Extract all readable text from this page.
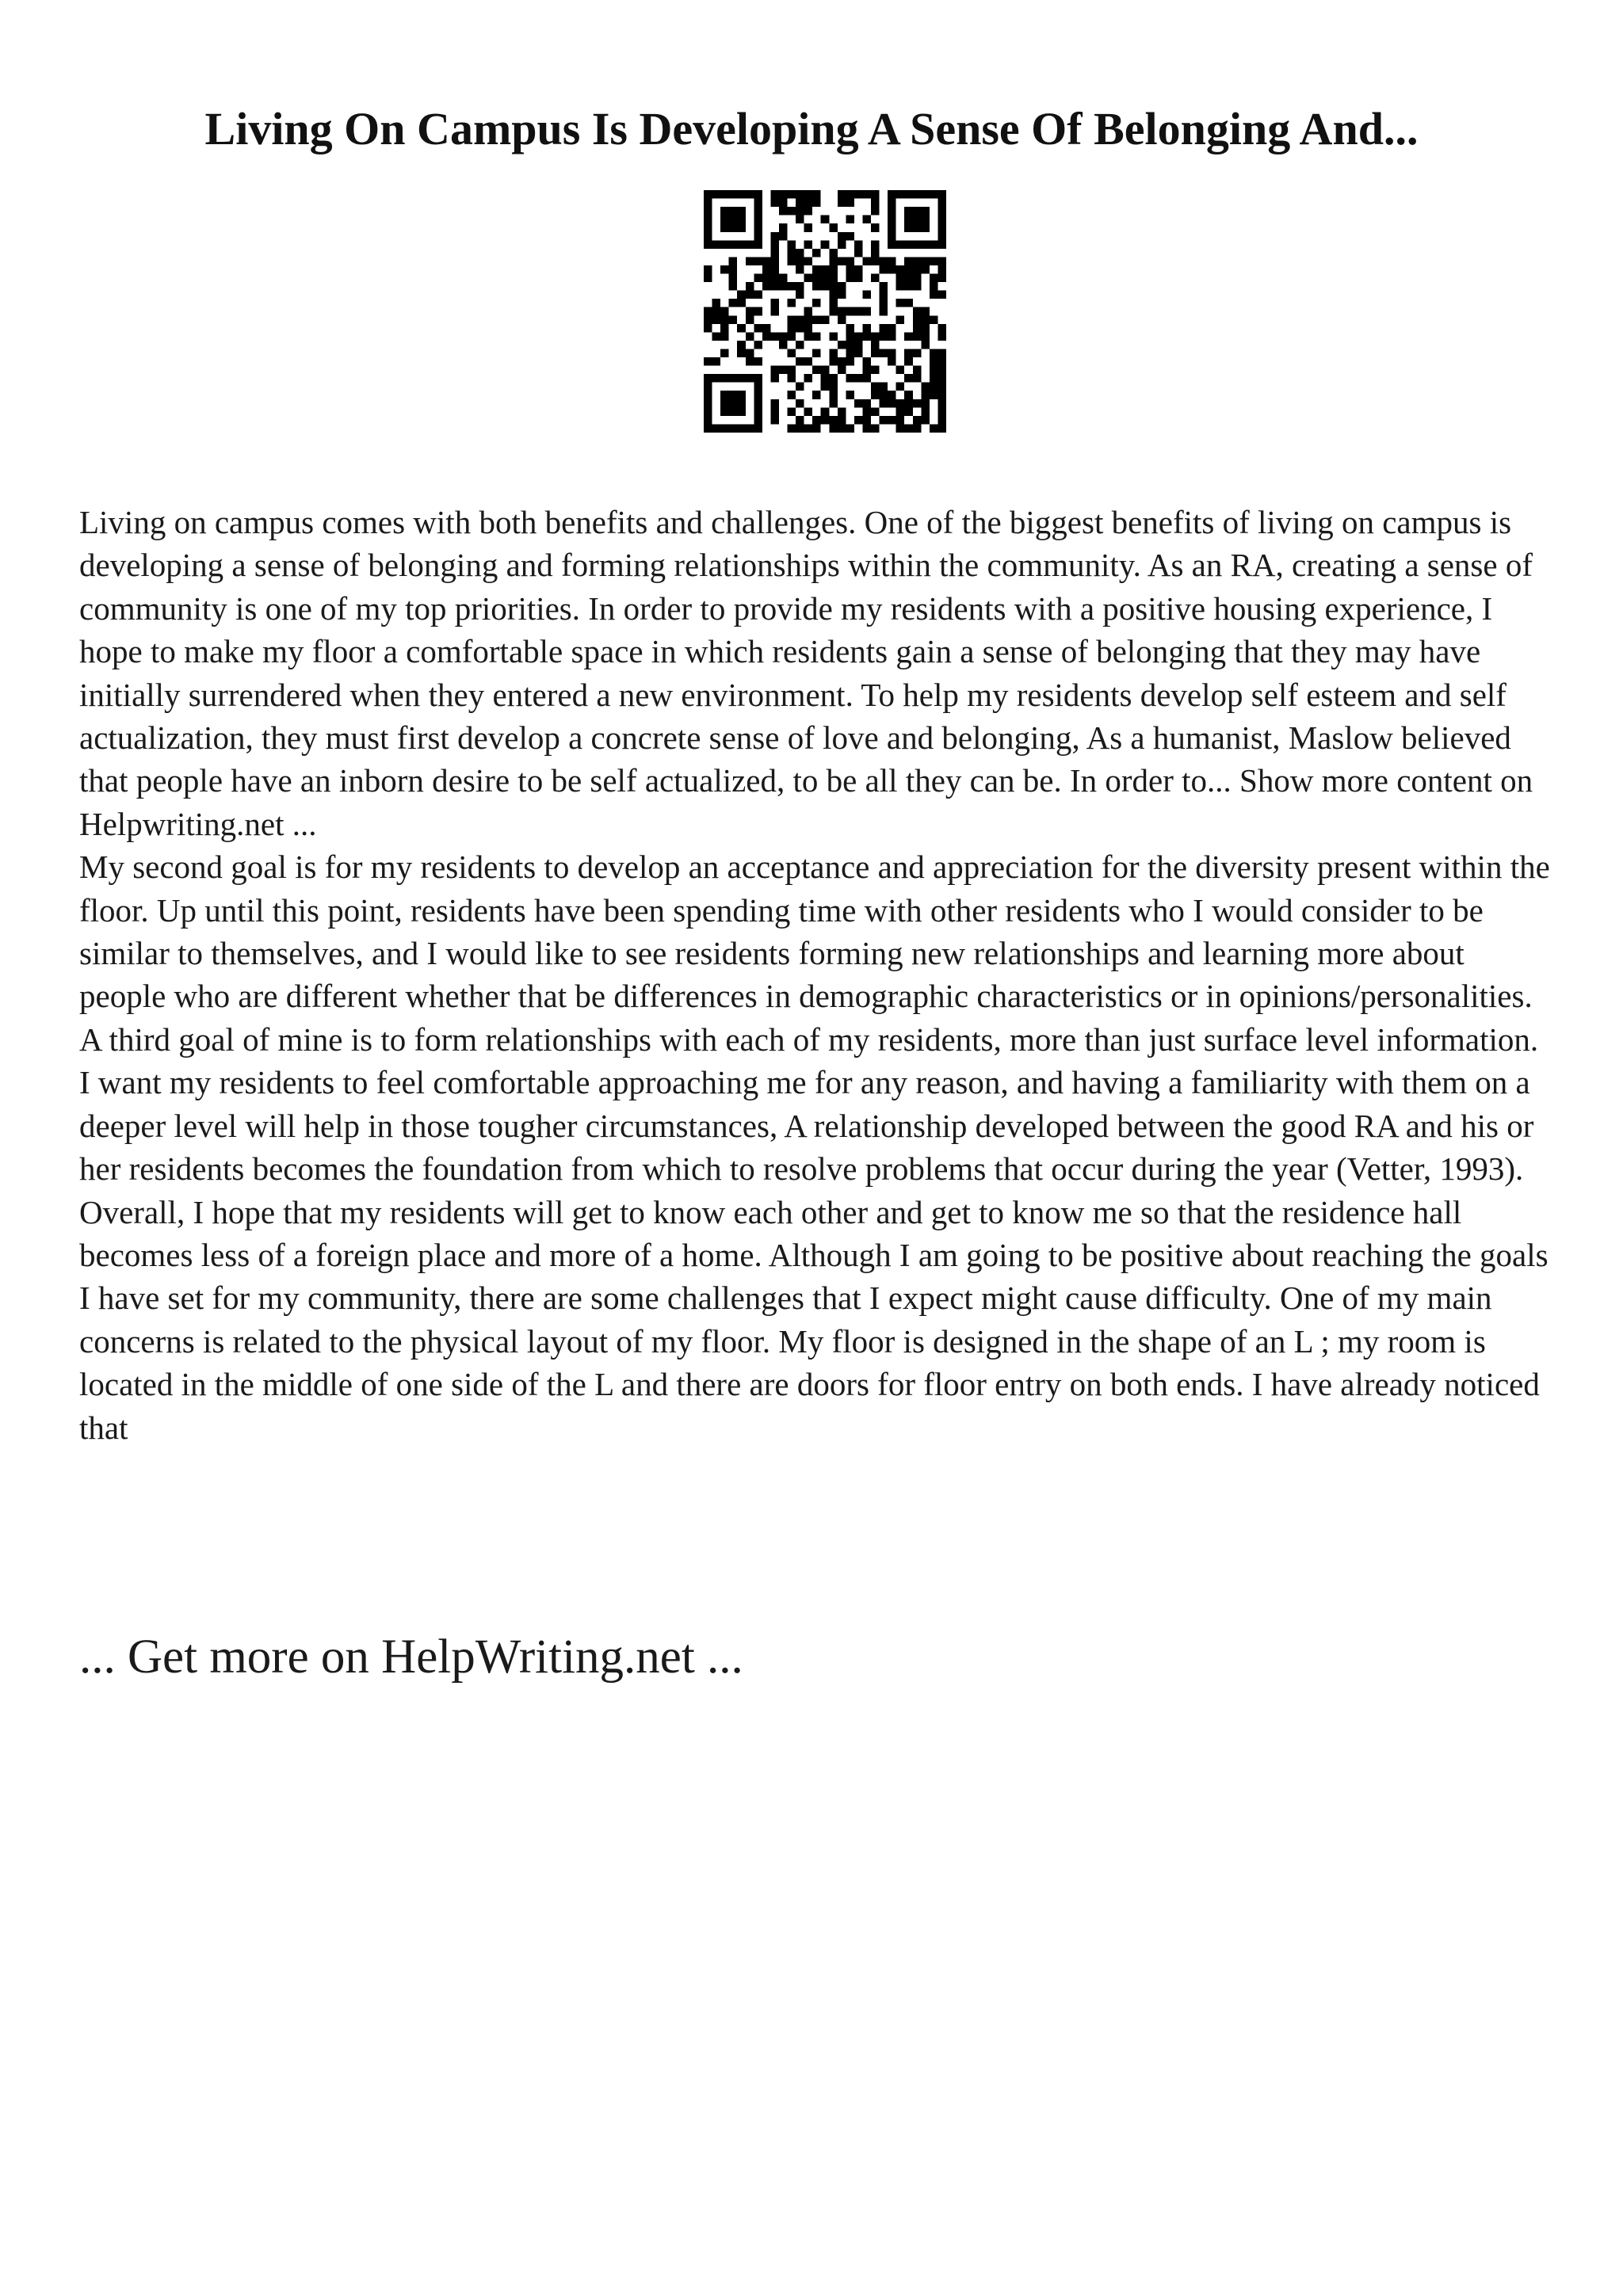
Living On Campus Is Developing A Sense Of Belonging And...

Living on campus comes with both benefits and challenges. One of the biggest benefits of living on campus is developing a sense of belonging and forming relationships within the community. As an RA, creating a sense of community is one of my top priorities. In order to provide my residents with a positive housing experience, I hope to make my floor a comfortable space in which residents gain a sense of belonging that they may have initially surrendered when they entered a new environment. To help my residents develop self esteem and self actualization, they must first develop a concrete sense of love and belonging, As a humanist, Maslow believed that people have an inborn desire to be self actualized, to be all they can be. In order to... Show more content on Helpwriting.net ...

My second goal is for my residents to develop an acceptance and appreciation for the diversity present within the floor. Up until this point, residents have been spending time with other residents who I would consider to be similar to themselves, and I would like to see residents forming new relationships and learning more about people who are different whether that be differences in demographic characteristics or in opinions/personalities. A third goal of mine is to form relationships with each of my residents, more than just surface level information. I want my residents to feel comfortable approaching me for any reason, and having a familiarity with them on a deeper level will help in those tougher circumstances, A relationship developed between the good RA and his or her residents becomes the foundation from which to resolve problems that occur during the year (Vetter, 1993). Overall, I hope that my residents will get to know each other and get to know me so that the residence hall becomes less of a foreign place and more of a home. Although I am going to be positive about reaching the goals I have set for my community, there are some challenges that I expect might cause difficulty. One of my main concerns is related to the physical layout of my floor. My floor is designed in the shape of an L ; my room is located in the middle of one side of the L and there are doors for floor entry on both ends. I have already noticed that

... Get more on HelpWriting.net ...
